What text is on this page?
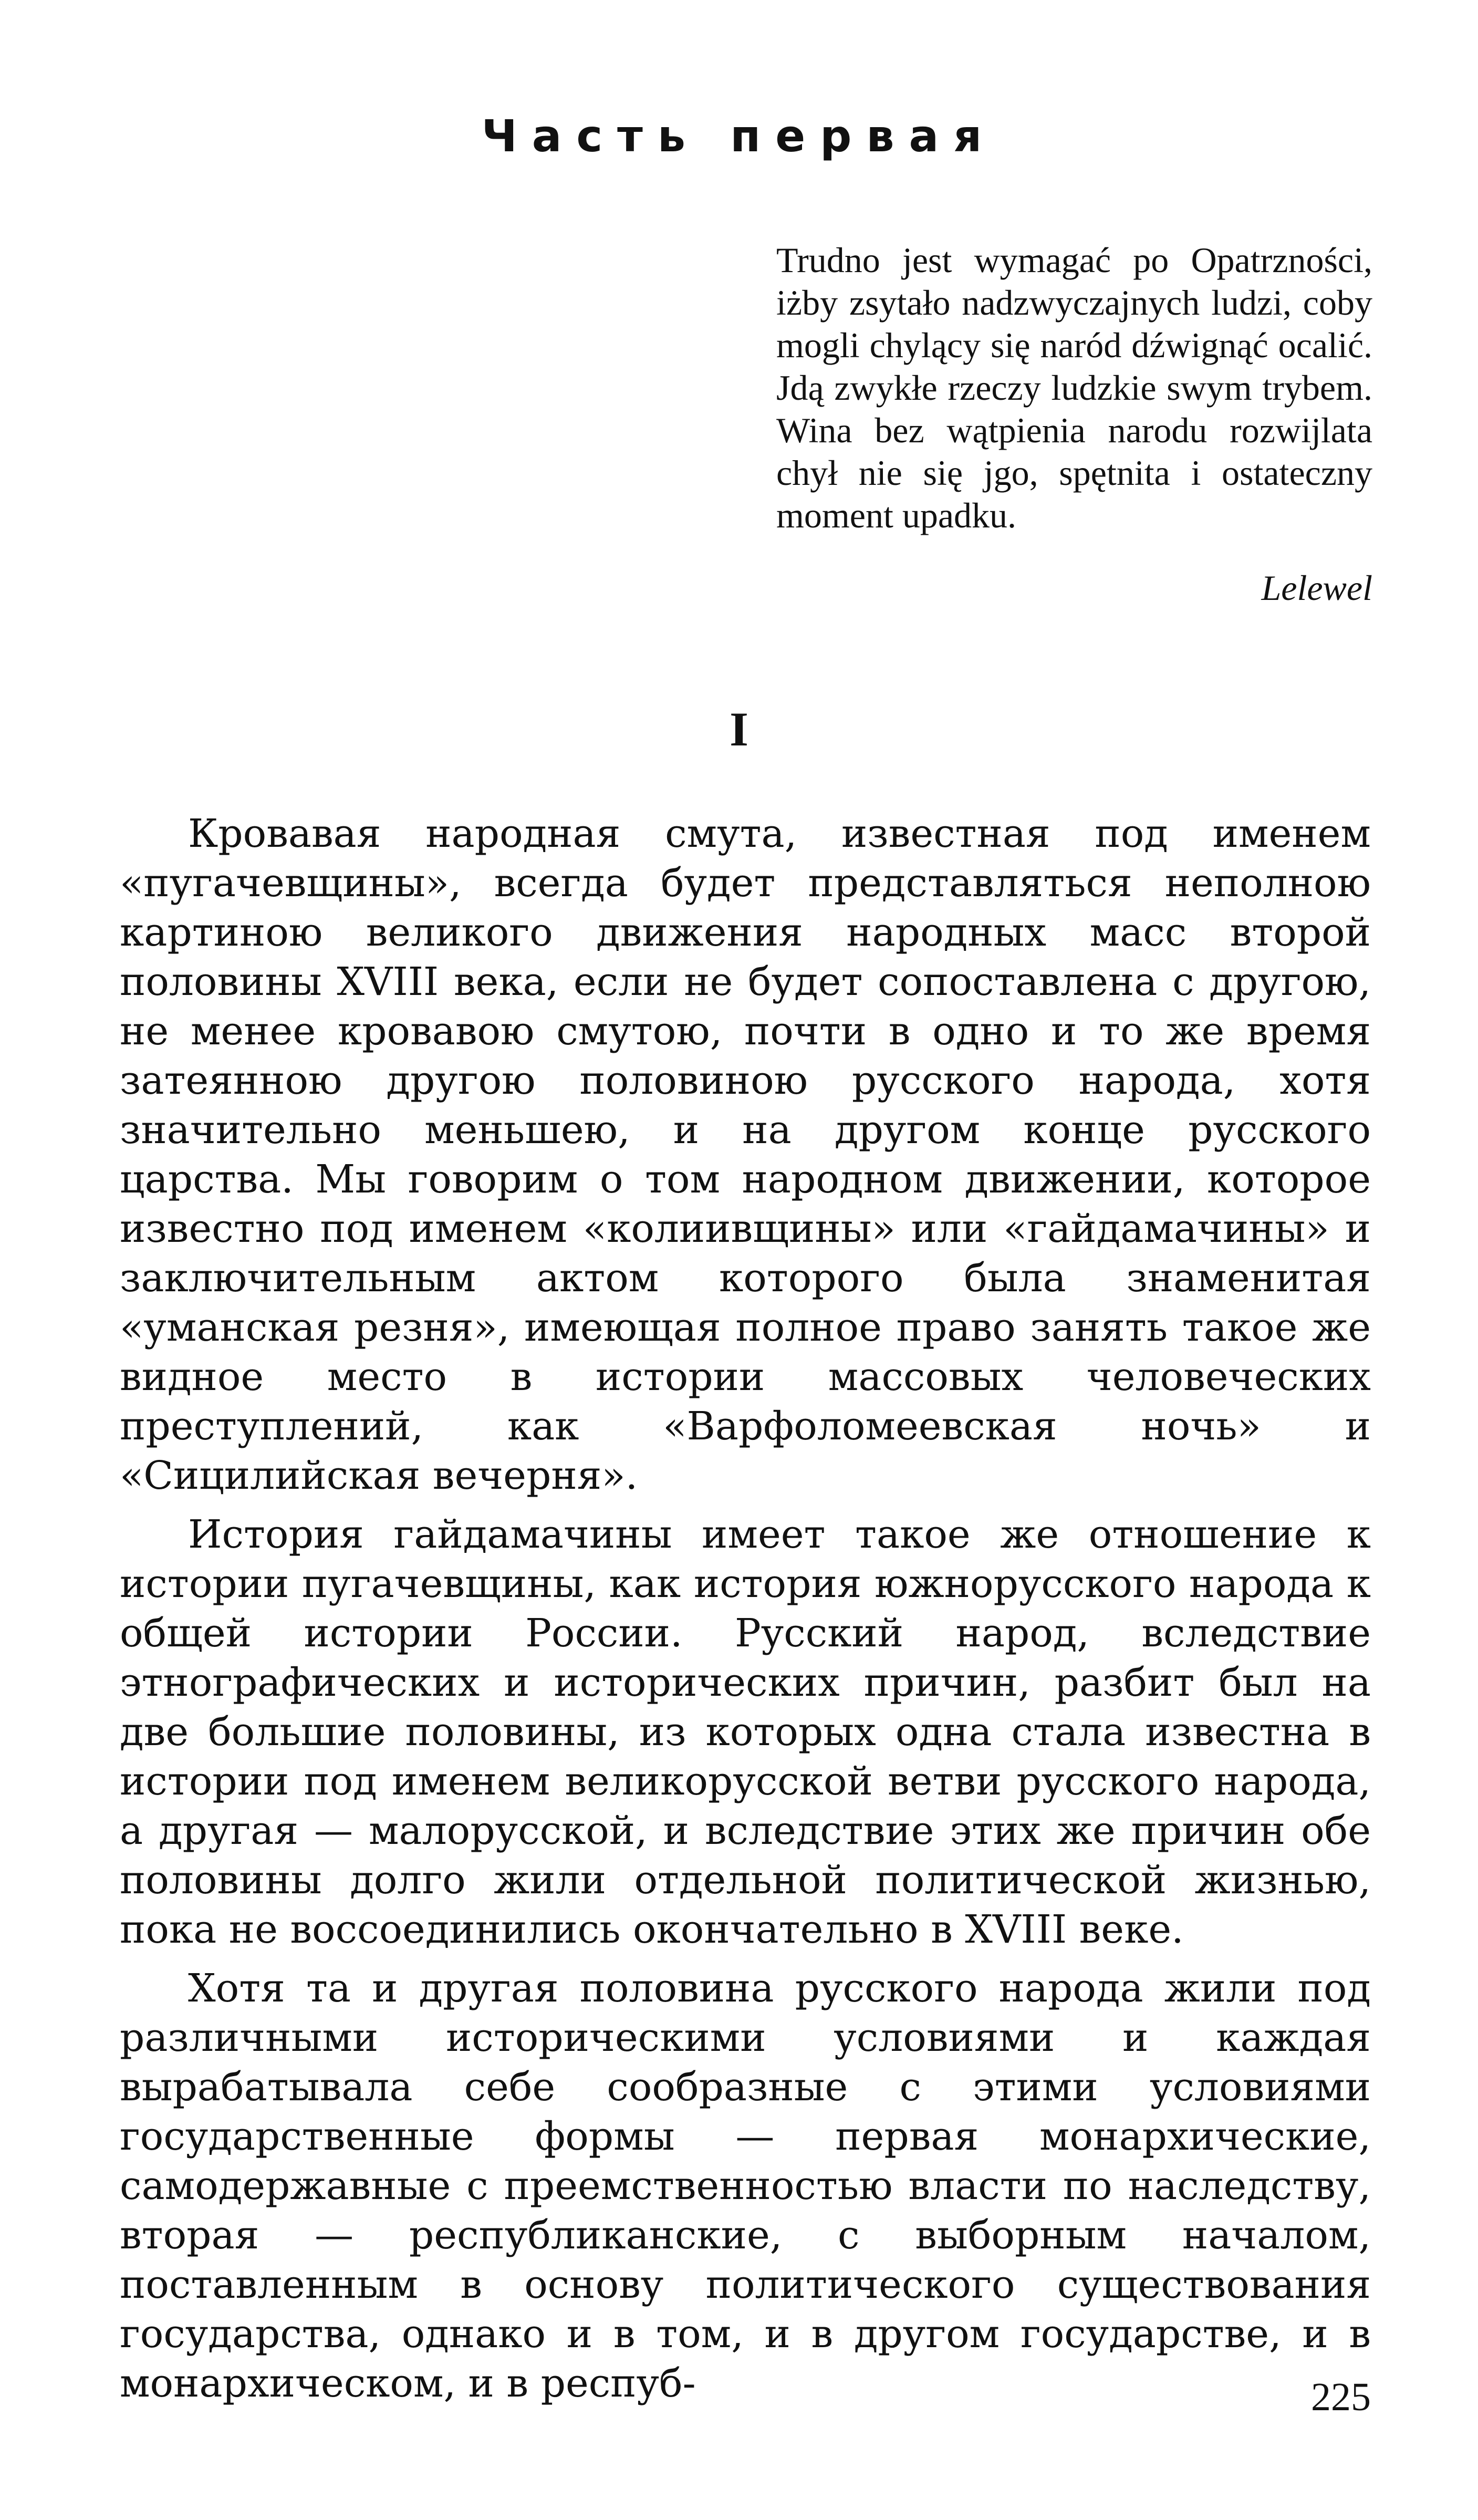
Часть первая

Trudno jest wymagać po Opatrzności, iżby zsytało nadzwyczajnych ludzi, coby mogli chylący się naród dźwignąć ocalić. Jdą zwykłe rzeczy ludzkie swym trybem. Wina bez wątpienia narodu rozwijlata chył nie się jgo, spętnita i ostateczny moment upadku.

Lelewel

I

Кровавая народная смута, известная под именем «пугачевщины», всегда будет представляться неполною картиною великого движения народных масс второй половины XVIII века, если не будет сопоставлена с другою, не менее кровавою смутою, почти в одно и то же время затеянною другою половиною русского народа, хотя значительно меньшею, и на другом конце русского царства. Мы говорим о том народном движении, которое известно под именем «колиивщины» или «гайдамачины» и заключительным актом которого была знаменитая «уманская резня», имеющая полное право занять такое же видное место в истории массовых человеческих преступлений, как «Варфоломеевская ночь» и «Сицилийская вечерня».

История гайдамачины имеет такое же отношение к истории пугачевщины, как история южнорусского народа к общей истории России. Русский народ, вследствие этнографических и исторических причин, разбит был на две большие половины, из которых одна стала известна в истории под именем великорусской ветви русского народа, а другая — малорусской, и вследствие этих же причин обе половины долго жили отдельной политической жизнью, пока не воссоединились окончательно в XVIII веке.

Хотя та и другая половина русского народа жили под различными историческими условиями и каждая вырабатывала себе сообразные с этими условиями государственные формы — первая монархические, самодержавные с преемственностью власти по наследству, вторая — республиканские, с выборным началом, поставленным в основу политического существования государства, однако и в том, и в другом государстве, и в монархическом, и в респуб-	225
